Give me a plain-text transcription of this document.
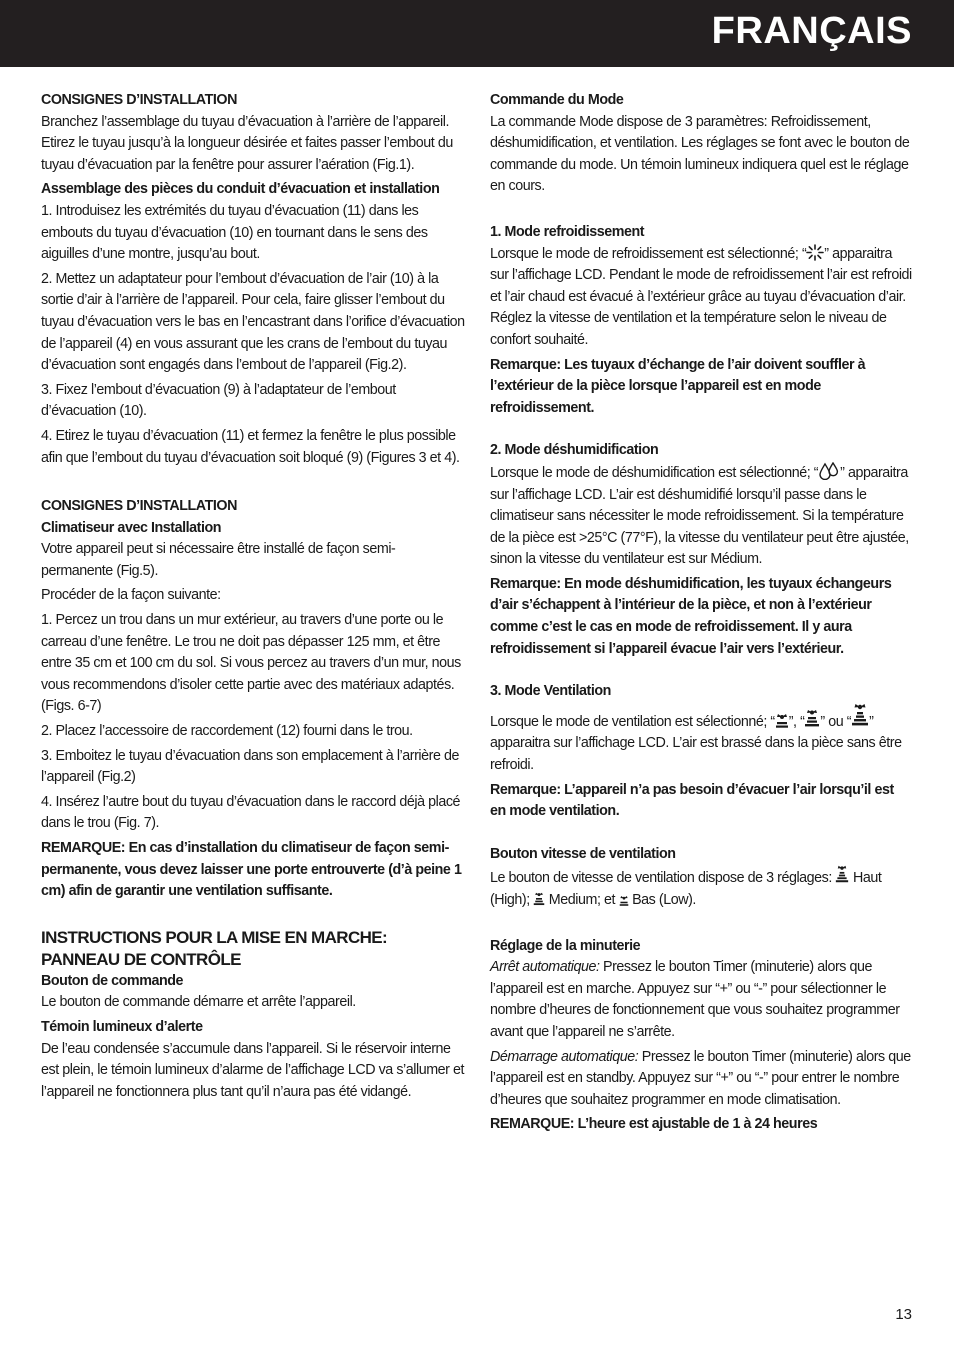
FRANÇAIS
CONSIGNES D’INSTALLATION

Branchez l’assemblage du tuyau d’évacuation à l’arrière de l’appareil. Etirez le tuyau jusqu’à la longueur désirée et faites passer l’embout du tuyau d’évacuation par la fenêtre pour assurer l’aération (Fig.1).

Assemblage des pièces du conduit d’évacuation et installation

1. Introduisez les extrémités du tuyau d’évacuation (11) dans les embouts du tuyau d’évacuation (10) en tournant dans le sens des aiguilles d’une montre, jusqu’au bout.

2. Mettez un adaptateur pour l’embout d’évacuation de l’air (10) à la sortie d’air à l’arrière de l’appareil. Pour cela, faire glisser l’embout du tuyau d’évacuation vers le bas en l’encastrant dans l’orifice d’évacuation de l’appareil (4) en vous assurant que les crans de l’embout du tuyau d’évacuation sont engagés dans l’embout de l’appareil (Fig.2).

3. Fixez l’embout d’évacuation (9) à l’adaptateur de l’embout d’évacuation (10).

4. Etirez le tuyau d’évacuation (11) et fermez la fenêtre le plus possible afin que l’embout du tuyau d’évacuation soit bloqué (9) (Figures 3 et 4).

CONSIGNES D’INSTALLATION
Climatiseur avec Installation

Votre appareil peut si nécessaire être installé de façon semi-permanente (Fig.5).

Procéder de la façon suivante:

1. Percez un trou dans un mur extérieur, au travers d’une porte ou le carreau d’une fenêtre. Le trou ne doit pas dépasser 125 mm, et être entre 35 cm et 100 cm du sol. Si vous percez au travers d’un mur, nous vous recommendons d’isoler cette partie avec des matériaux adaptés. (Figs. 6-7)

2. Placez l’accessoire de raccordement (12) fourni dans le trou.

3. Emboitez le tuyau d’évacuation dans son emplacement à l’arrière de l’appareil (Fig.2)

4. Insérez l’autre bout du tuyau d’évacuation dans le raccord déjà placé dans le trou (Fig. 7).

REMARQUE: En cas d’installation du climatiseur de façon semi-permanente, vous devez laisser une porte entrouverte (d’à peine 1 cm) afin de garantir une ventilation suffisante.

INSTRUCTIONS POUR LA MISE EN MARCHE: PANNEAU DE CONTRÔLE
Bouton de commande

Le bouton de commande démarre et arrête l’appareil.

Témoin lumineux d’alerte

De l’eau condensée s’accumule dans l’appareil. Si le réservoir interne est plein, le témoin lumineux d’alarme de l’affichage LCD va s’allumer et l’appareil ne fonctionnera plus tant qu’il n’aura pas été vidangé.

Commande du Mode

La commande Mode dispose de 3 paramètres: Refroidissement, déshumidification, et ventilation. Les réglages se font avec le bouton de commande du mode. Un témoin lumineux indiquera quel est le réglage en cours.

1. Mode refroidissement

Lorsque le mode de refroidissement est sélectionné; “ ” apparaitra sur l’affichage LCD. Pendant le mode de refroidissement l’air est refroidi et l’air chaud est évacué à l’extérieur grâce au tuyau d’évacuation d’air. Réglez la vitesse de ventilation et la température selon le niveau de confort souhaité.

Remarque: Les tuyaux d’échange de l’air doivent souffler à l’extérieur de la pièce lorsque l’appareil est en mode refroidissement.

2. Mode déshumidification

Lorsque le mode de déshumidification est sélectionné; “ ” apparaitra sur l’affichage LCD. L’air est déshumidifié lorsqu’il passe dans le climatiseur sans nécessiter le mode refroidissement. Si la température de la pièce est >25°C (77°F), la vitesse du ventilateur peut être ajustée, sinon la vitesse du ventilateur est sur Médium.

Remarque: En mode déshumidification, les tuyaux échangeurs d’air s’échappent à l’intérieur de la pièce, et non à l’extérieur comme c’est le cas en mode de refroidissement. Il y aura refroidissement si l’appareil évacue l’air vers l’extérieur.

3. Mode Ventilation

Lorsque le mode de ventilation est sélectionné; “ ”, “ ” ou “ ” apparaitra sur l’affichage LCD. L’air est brassé dans la pièce sans être refroidi.

Remarque: L’appareil n’a pas besoin d’évacuer l’air lorsqu’il est en mode ventilation.

Bouton vitesse de ventilation

Le bouton de vitesse de ventilation dispose de 3 réglages:  Haut (High);  Medium; et  Bas (Low).

Réglage de la minuterie

Arrêt automatique: Pressez le bouton Timer (minuterie) alors que l’appareil est en marche. Appuyez sur “+” ou “-” pour sélectionner le nombre d’heures de fonctionnement que vous souhaitez programmer avant que l’appareil ne s’arrête.

Démarrage automatique: Pressez le bouton Timer (minuterie) alors que l’appareil est en standby. Appuyez sur “+” ou “-” pour entrer le nombre d’heures que souhaitez programmer en mode climatisation.

REMARQUE: L’heure est ajustable de 1 à 24 heures

13
